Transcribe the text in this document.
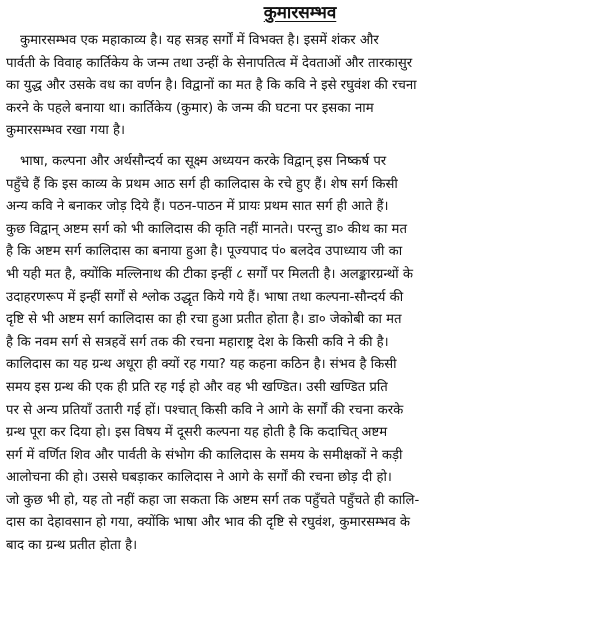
कुमारसम्भव
कुमारसम्भव एक महाकाव्य है। यह सत्रह सर्गों में विभक्त है। इसमें शंकर और
पार्वती के विवाह कार्तिकेय के जन्म तथा उन्हीं के सेनापतित्व में देवताओं और तारकासुर
का युद्ध और उसके वध का वर्णन है। विद्वानों का मत है कि कवि ने इसे रघुवंश की रचना
करने के पहले बनाया था। कार्तिकेय (कुमार) के जन्म की घटना पर इसका नाम
कुमारसम्भव रखा गया है।
भाषा, कल्पना और अर्थसौन्दर्य का सूक्ष्म अध्ययन करके विद्वान् इस निष्कर्ष पर
पहुँचे हैं कि इस काव्य के प्रथम आठ सर्ग ही कालिदास के रचे हुए हैं। शेष सर्ग किसी
अन्य कवि ने बनाकर जोड़ दिये हैं। पठन-पाठन में प्रायः प्रथम सात सर्ग ही आते हैं।
कुछ विद्वान् अष्टम सर्ग को भी कालिदास की कृति नहीं मानते। परन्तु डा० कीथ का मत
है कि अष्टम सर्ग कालिदास का बनाया हुआ है। पूज्यपाद पं० बलदेव उपाध्याय जी का
भी यही मत है, क्योंकि मल्लिनाथ की टीका इन्हीं ८ सर्गों पर मिलती है। अलङ्कारग्रन्थों के
उदाहरणरूप में इन्हीं सर्गों से श्लोक उद्धृत किये गये हैं। भाषा तथा कल्पना-सौन्दर्य की
दृष्टि से भी अष्टम सर्ग कालिदास का ही रचा हुआ प्रतीत होता है। डा० जेकोबी का मत
है कि नवम सर्ग से सत्रहवें सर्ग तक की रचना महाराष्ट्र देश के किसी कवि ने की है।
कालिदास का यह ग्रन्थ अधूरा ही क्यों रह गया? यह कहना कठिन है। संभव है किसी
समय इस ग्रन्थ की एक ही प्रति रह गई हो और वह भी खण्डित। उसी खण्डित प्रति
पर से अन्य प्रतियाँ उतारी गई हों। पश्चात् किसी कवि ने आगे के सर्गों की रचना करके
ग्रन्थ पूरा कर दिया हो। इस विषय में दूसरी कल्पना यह होती है कि कदाचित् अष्टम
सर्ग में वर्णित शिव और पार्वती के संभोग की कालिदास के समय के समीक्षकों ने कड़ी
आलोचना की हो। उससे घबड़ाकर कालिदास ने आगे के सर्गों की रचना छोड़ दी हो।
जो कुछ भी हो, यह तो नहीं कहा जा सकता कि अष्टम सर्ग तक पहुँचते पहुँचते ही कालि-
दास का देहावसान हो गया, क्योंकि भाषा और भाव की दृष्टि से रघुवंश, कुमारसम्भव के
बाद का ग्रन्थ प्रतीत होता है।
